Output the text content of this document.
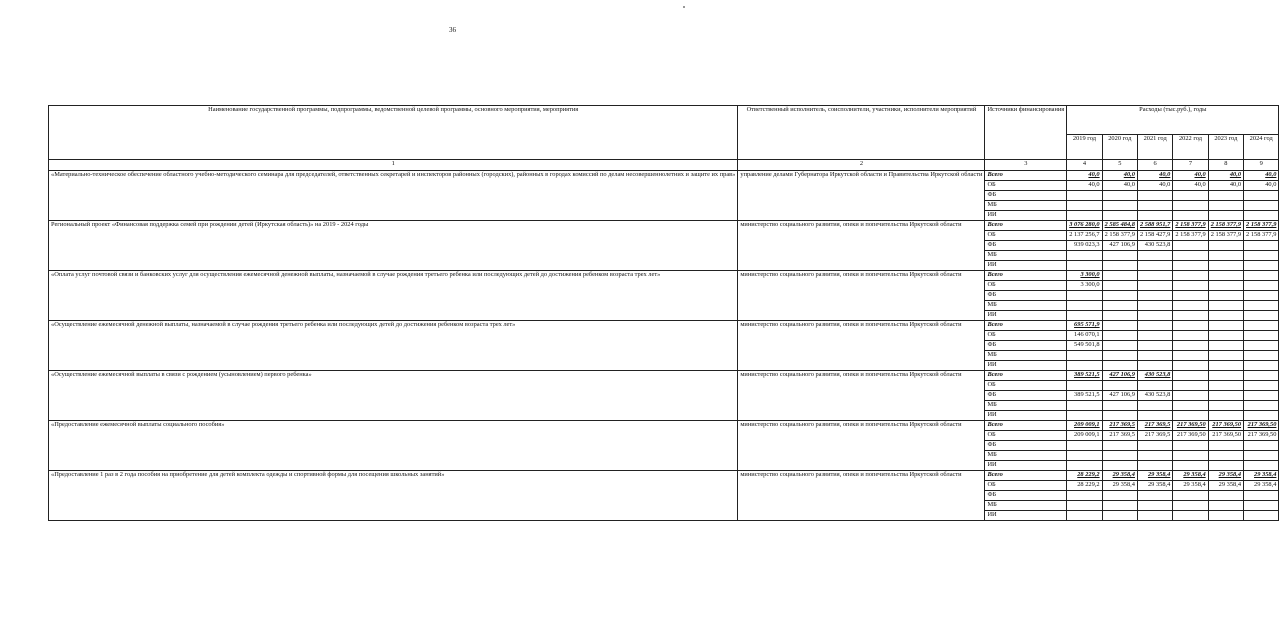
36
Наименование государственной программы, подпрограммы, ведомственной целевой программы, основного мероприятия, мероприятия	Ответственный исполнитель, соисполнители, участники, исполнители мероприятий	Источники финансирования	Расходы (тыс.руб.), годы					
			2019 год	2020 год	2021 год	2022 год	2023 год	2024 год
1	2	3	4	5	6	7	8	9
«Материально-техническое обеспечение областного учебно-методического семинара для председателей, ответственных секретарей и инспекторов районных (городских), районных в городах комиссий по делам несовершеннолетних и защите их прав»	управление делами Губернатора Иркутской области и Правительства Иркутской области	Всего	40,0	40,0	40,0	40,0	40,0	40,0
		ОБ	40,0	40,0	40,0	40,0	40,0	40,0
		ФБ						
		МБ						
		ИИ						
Региональный проект «Финансовая поддержка семей при рождении детей (Иркутская область)» на 2019 - 2024 годы	министерство социального развития, опеки и попечительства Иркутской области	Всего	3 076 280,0	2 585 484,8	2 588 951,7	2 158 377,9	2 158 377,9	2 158 377,9
		ОБ	2 137 256,7	2 158 377,9	2 158 427,9	2 158 377,9	2 158 377,9	2 158 377,9
		ФБ	939 023,3	427 106,9	430 523,8			
		МБ						
		ИИ						
«Оплата услуг почтовой связи и банковских услуг для осуществления ежемесячной денежной выплаты, назначаемой в случае рождения третьего ребенка или последующих детей до достижения ребенком возраста трех лет»	министерство социального развития, опеки и попечительства Иркутской области	Всего	3 300,0					
		ОБ	3 300,0					
		ФБ						
		МБ						
		ИИ						
«Осуществление ежемесячной денежной выплаты, назначаемой в случае рождения третьего ребенка или последующих детей до достижения ребенком возраста трех лет»	министерство социального развития, опеки и попечительства Иркутской области	Всего	695 571,9					
		ОБ	146 070,1					
		ФБ	549 501,8					
		МБ						
		ИИ						
«Осуществление ежемесячной выплаты в связи с рождением (усыновлением) первого ребенка»	министерство социального развития, опеки и попечительства Иркутской области	Всего	389 521,5	427 106,9	430 523,8			
		ОБ						
		ФБ	389 521,5	427 106,9	430 523,8			
		МБ						
		ИИ						
«Предоставление ежемесячной выплаты социального пособия»	министерство социального развития, опеки и попечительства Иркутской области	Всего	209 009,1	217 369,5	217 369,5	217 369,50	217 369,50	217 369,50
		ОБ	209 009,1	217 369,5	217 369,5	217 369,50	217 369,50	217 369,50
		ФБ						
		МБ						
		ИИ						
«Предоставление 1 раз в 2 года пособия на приобретение для детей комплекта одежды и спортивной формы для посещения школьных занятий»	министерство социального развития, опеки и попечительства Иркутской области	Всего	28 229,2	29 358,4	29 358,4	29 358,4	29 358,4	29 358,4
		ОБ	28 229,2	29 358,4	29 358,4	29 358,4	29 358,4	29 358,4
		ФБ						
		МБ						
		ИИ						
